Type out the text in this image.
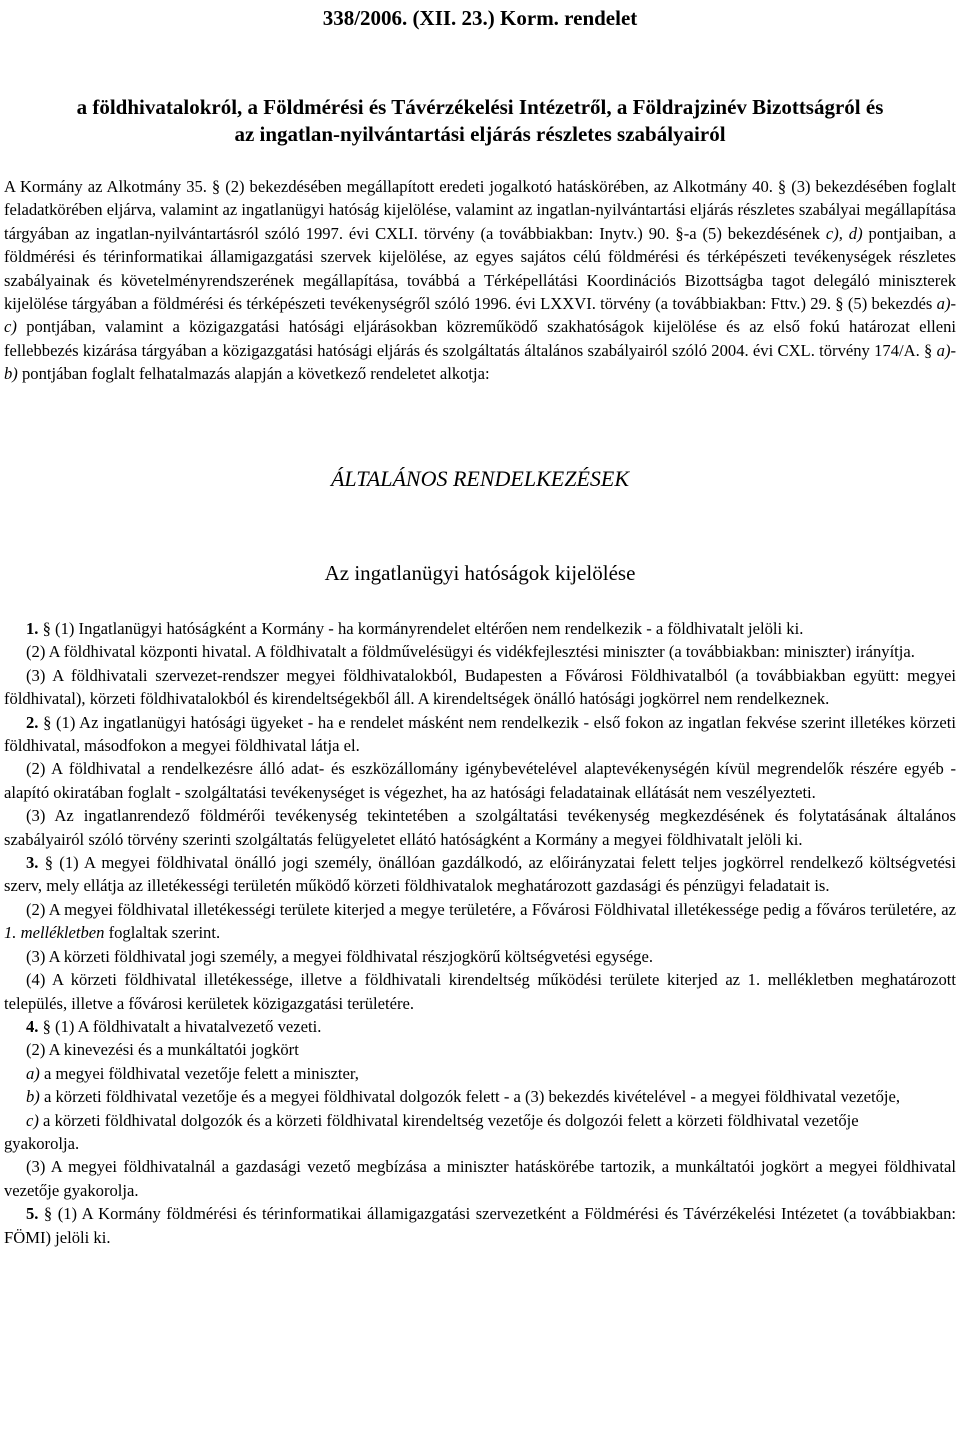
338/2006. (XII. 23.) Korm. rendelet
a földhivatalokról, a Földmérési és Távérzékelési Intézetről, a Földrajzinév Bizottságról és
az ingatlan-nyilvántartási eljárás részletes szabályairól

A Kormány az Alkotmány 35. § (2) bekezdésében megállapított eredeti jogalkotó hatáskörében, az Alkotmány 40. § (3) bekezdésében foglalt feladatkörében eljárva, valamint az ingatlanügyi hatóság kijelölése, valamint az ingatlan-nyilvántartási eljárás részletes szabályai megállapítása tárgyában az ingatlan-nyilvántartásról szóló 1997. évi CXLI. törvény (a továbbiakban: Inytv.) 90. §-a (5) bekezdésének c), d) pontjaiban, a földmérési és térinformatikai államigazgatási szervek kijelölése, az egyes sajátos célú földmérési és térképészeti tevékenységek részletes szabályainak és követelményrendszerének megállapítása, továbbá a Térképellátási Koordinációs Bizottságba tagot delegáló miniszterek kijelölése tárgyában a földmérési és térképészeti tevékenységről szóló 1996. évi LXXVI. törvény (a továbbiakban: Fttv.) 29. § (5) bekezdés a)-c) pontjában, valamint a közigazgatási hatósági eljárásokban közreműködő szakhatóságok kijelölése és az első fokú határozat elleni fellebbezés kizárása tárgyában a közigazgatási hatósági eljárás és szolgáltatás általános szabályairól szóló 2004. évi CXL. törvény 174/A. § a)-b) pontjában foglalt felhatalmazás alapján a következő rendeletet alkotja:

ÁLTALÁNOS RENDELKEZÉSEK
Az ingatlanügyi hatóságok kijelölése

1. § (1) Ingatlanügyi hatóságként a Kormány - ha kormányrendelet eltérően nem rendelkezik - a földhivatalt jelöli ki.

(2) A földhivatal központi hivatal. A földhivatalt a földművelésügyi és vidékfejlesztési miniszter (a továbbiakban: miniszter) irányítja.

(3) A földhivatali szervezet-rendszer megyei földhivatalokból, Budapesten a Fővárosi Földhivatalból (a továbbiakban együtt: megyei földhivatal), körzeti földhivatalokból és kirendeltségekből áll. A kirendeltségek önálló hatósági jogkörrel nem rendelkeznek.

2. § (1) Az ingatlanügyi hatósági ügyeket - ha e rendelet másként nem rendelkezik - első fokon az ingatlan fekvése szerint illetékes körzeti földhivatal, másodfokon a megyei földhivatal látja el.

(2) A földhivatal a rendelkezésre álló adat- és eszközállomány igénybevételével alaptevékenységén kívül megrendelők részére egyéb - alapító okiratában foglalt - szolgáltatási tevékenységet is végezhet, ha az hatósági feladatainak ellátását nem veszélyezteti.

(3) Az ingatlanrendező földmérői tevékenység tekintetében a szolgáltatási tevékenység megkezdésének és folytatásának általános szabályairól szóló törvény szerinti szolgáltatás felügyeletet ellátó hatóságként a Kormány a megyei földhivatalt jelöli ki.

3. § (1) A megyei földhivatal önálló jogi személy, önállóan gazdálkodó, az előirányzatai felett teljes jogkörrel rendelkező költségvetési szerv, mely ellátja az illetékességi területén működő körzeti földhivatalok meghatározott gazdasági és pénzügyi feladatait is.

(2) A megyei földhivatal illetékességi területe kiterjed a megye területére, a Fővárosi Földhivatal illetékessége pedig a főváros területére, az 1. mellékletben foglaltak szerint.

(3) A körzeti földhivatal jogi személy, a megyei földhivatal részjogkörű költségvetési egysége.

(4) A körzeti földhivatal illetékessége, illetve a földhivatali kirendeltség működési területe kiterjed az 1. mellékletben meghatározott település, illetve a fővárosi kerületek közigazgatási területére.

4. § (1) A földhivatalt a hivatalvezető vezeti.

(2) A kinevezési és a munkáltatói jogkört

a) a megyei földhivatal vezetője felett a miniszter,

b) a körzeti földhivatal vezetője és a megyei földhivatal dolgozók felett - a (3) bekezdés kivételével - a megyei földhivatal vezetője,

c) a körzeti földhivatal dolgozók és a körzeti földhivatal kirendeltség vezetője és dolgozói felett a körzeti földhivatal vezetője

gyakorolja.

(3) A megyei földhivatalnál a gazdasági vezető megbízása a miniszter hatáskörébe tartozik, a munkáltatói jogkört a megyei földhivatal vezetője gyakorolja.

5. § (1) A Kormány földmérési és térinformatikai államigazgatási szervezetként a Földmérési és Távérzékelési Intézetet (a továbbiakban: FÖMI) jelöli ki.
